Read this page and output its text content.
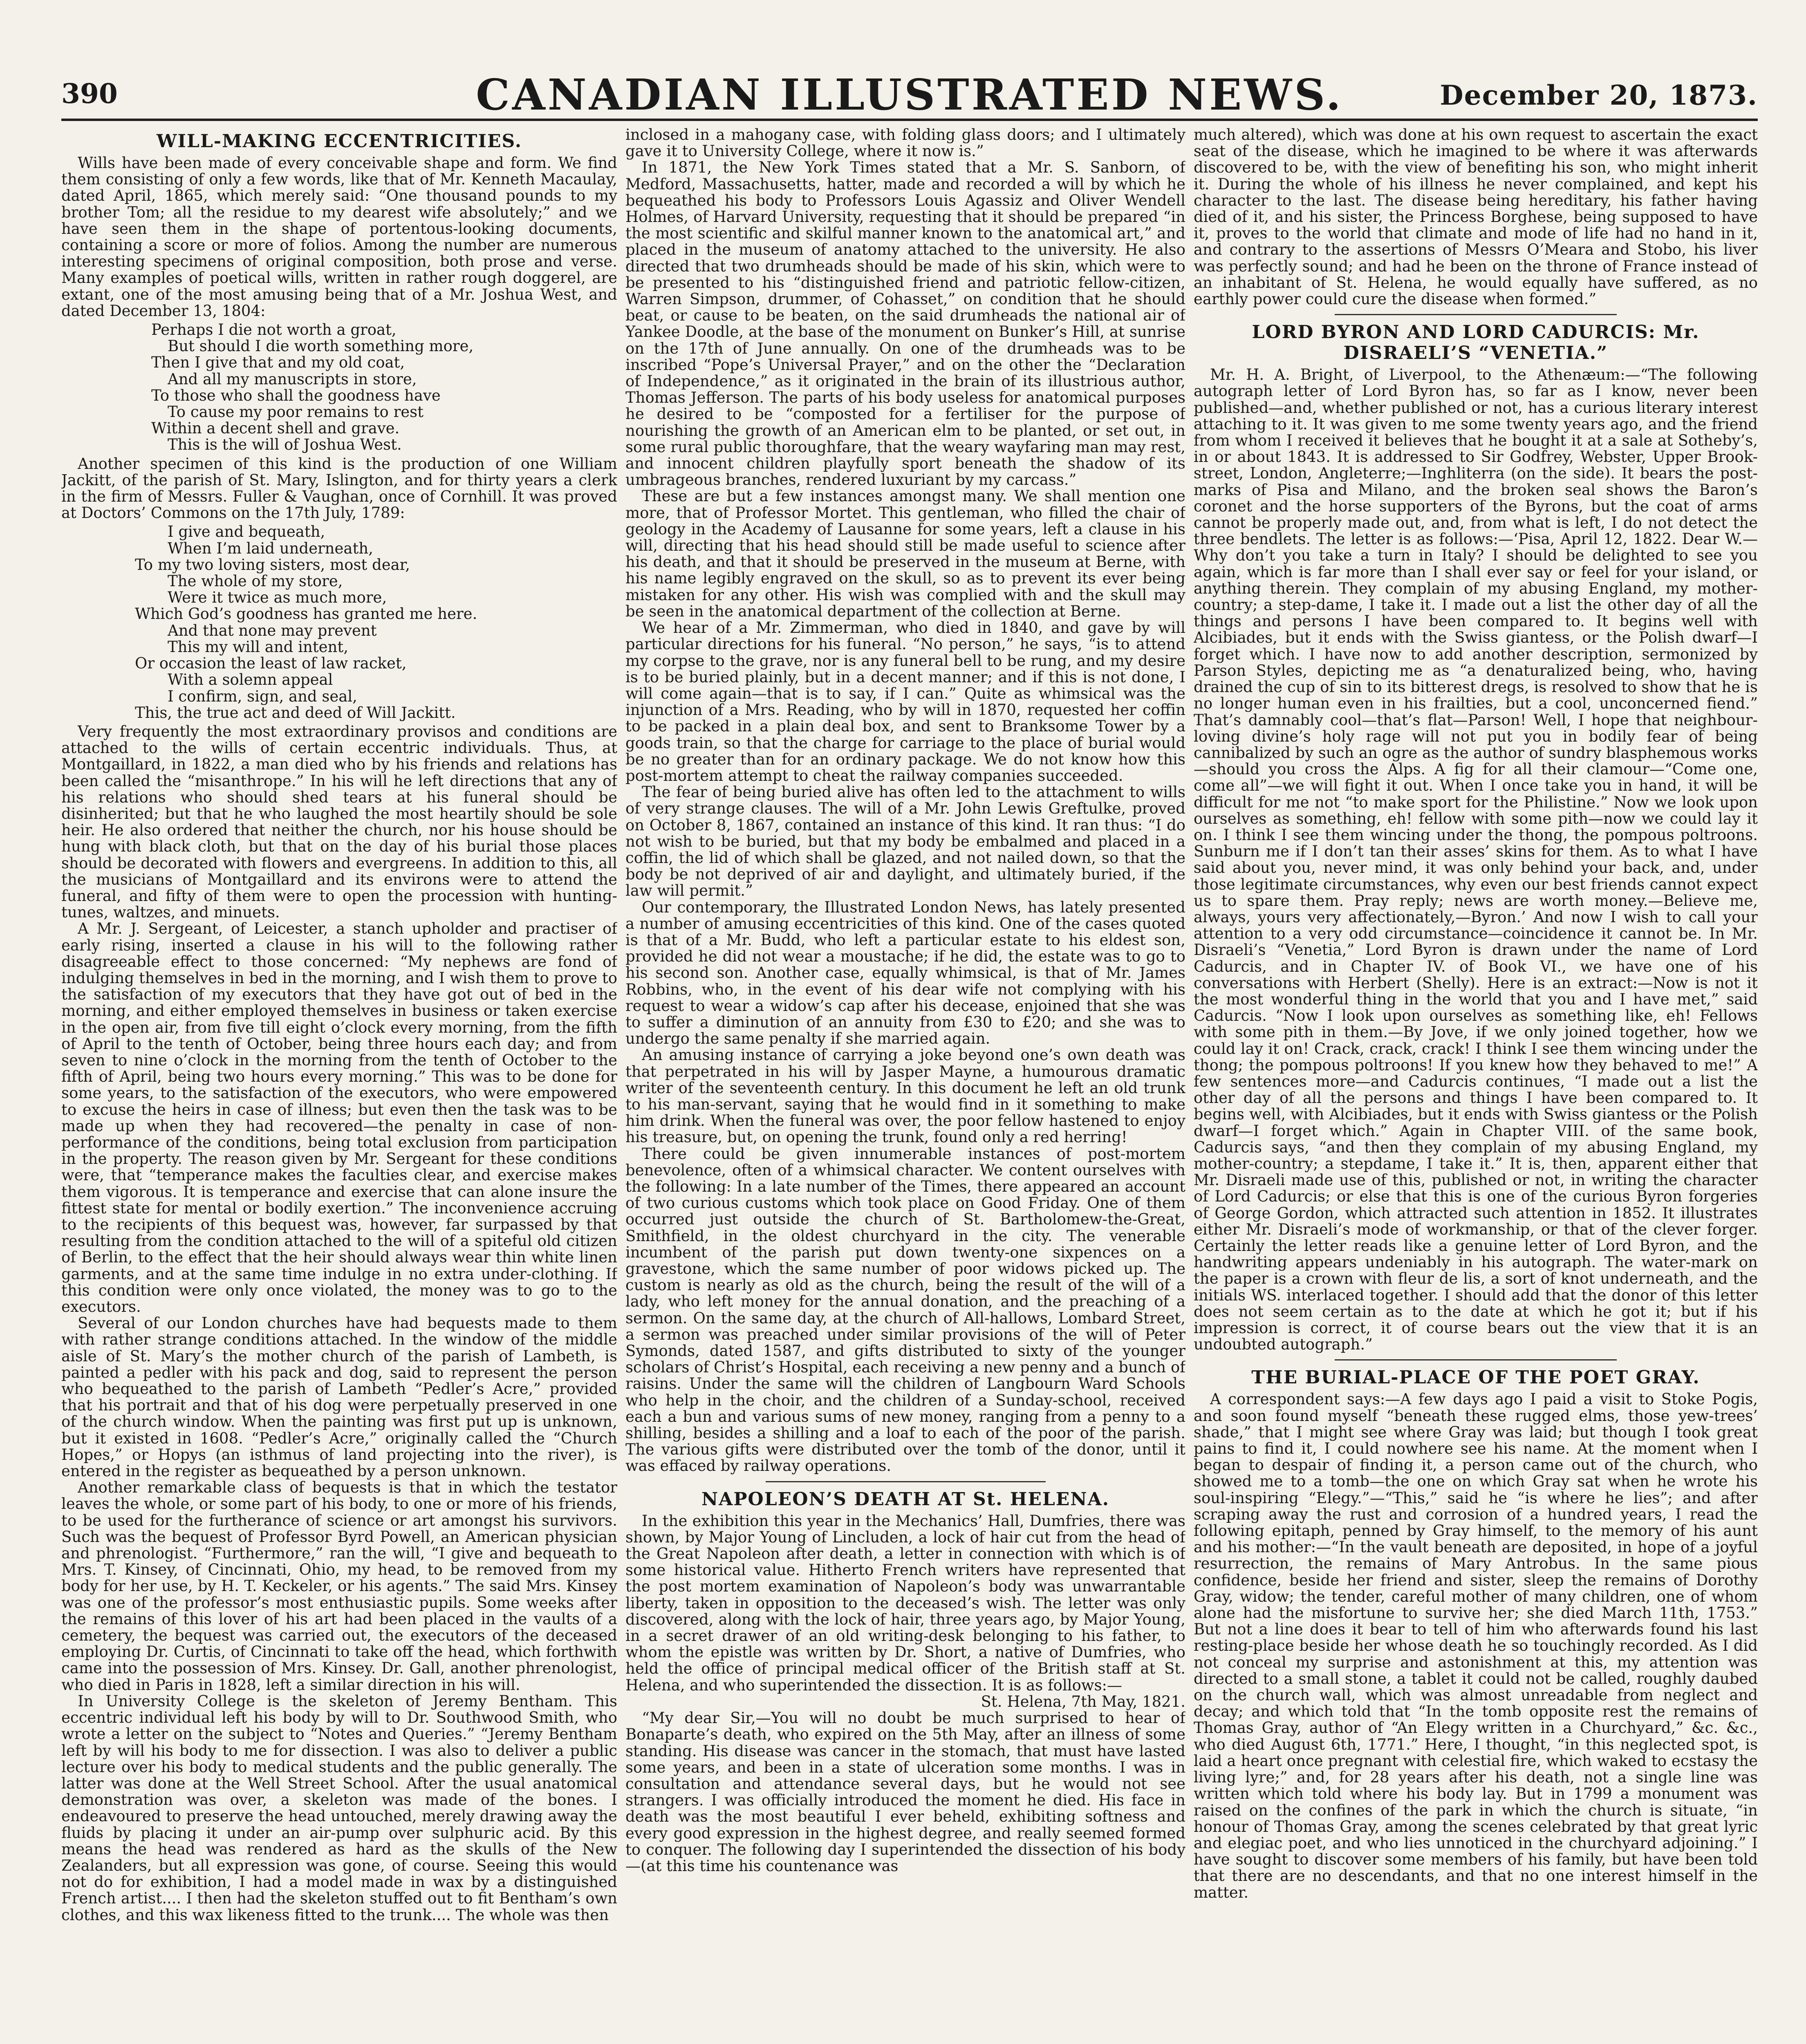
390	CANADIAN ILLUSTRATED NEWS.	December 20, 1873.
WILL-MAKING ECCENTRICITIES.

Wills have been made of every conceivable shape and form. We find them consisting of only a few words, like that of Mr. Kenneth Macaulay, dated April, 1865, which merely said: “One thousand pounds to my brother Tom; all the residue to my dearest wife absolutely;” and we have seen them in the shape of portentous-looking documents, containing a score or more of folios. Among the number are numerous interesting specimens of original composition, both prose and verse. Many examples of poetical wills, written in rather rough doggerel, are extant, one of the most amusing being that of a Mr. Joshua West, and dated December 13, 1804:

Perhaps I die not worth a groat,
But should I die worth something more,
Then I give that and my old coat,
And all my manuscripts in store,
To those who shall the goodness have
To cause my poor remains to rest
Within a decent shell and grave.
This is the will of Joshua West.

Another specimen of this kind is the production of one William Jackitt, of the parish of St. Mary, Islington, and for thirty years a clerk in the firm of Messrs. Fuller & Vaughan, once of Cornhill. It was proved at Doctors’ Commons on the 17th July, 1789:

I give and bequeath,
When I’m laid underneath,
To my two loving sisters, most dear,
The whole of my store,
Were it twice as much more,
Which God’s goodness has granted me here.
And that none may prevent
This my will and intent,
Or occasion the least of law racket,
With a solemn appeal
I confirm, sign, and seal,
This, the true act and deed of Will Jackitt.

Very frequently the most extraordinary provisos and conditions are attached to the wills of certain eccentric individuals. Thus, at Montgaillard, in 1822, a man died who by his friends and relations has been called the “misanthrope.” In his will he left directions that any of his relations who should shed tears at his funeral should be disinherited; but that he who laughed the most heartily should be sole heir. He also ordered that neither the church, nor his house should be hung with black cloth, but that on the day of his burial those places should be decorated with flowers and evergreens. In addition to this, all the musicians of Montgaillard and its environs were to attend the funeral, and fifty of them were to open the procession with hunting-tunes, waltzes, and minuets.

A Mr. J. Sergeant, of Leicester, a stanch upholder and practiser of early rising, inserted a clause in his will to the following rather disagreeable effect to those concerned: “My nephews are fond of indulging themselves in bed in the morning, and I wish them to prove to the satisfaction of my executors that they have got out of bed in the morning, and either employed themselves in business or taken exercise in the open air, from five till eight o’clock every morning, from the fifth of April to the tenth of October, being three hours each day; and from seven to nine o’clock in the morning from the tenth of October to the fifth of April, being two hours every morning.” This was to be done for some years, to the satisfaction of the executors, who were empowered to excuse the heirs in case of illness; but even then the task was to be made up when they had recovered—the penalty in case of non-performance of the conditions, being total exclusion from participation in the property. The reason given by Mr. Sergeant for these conditions were, that “temperance makes the faculties clear, and exercise makes them vigorous. It is temperance and exercise that can alone insure the fittest state for mental or bodily exertion.” The inconvenience accruing to the recipients of this bequest was, however, far surpassed by that resulting from the condition attached to the will of a spiteful old citizen of Berlin, to the effect that the heir should always wear thin white linen garments, and at the same time indulge in no extra under-clothing. If this condition were only once violated, the money was to go to the executors.

Several of our London churches have had bequests made to them with rather strange conditions attached. In the window of the middle aisle of St. Mary’s the mother church of the parish of Lambeth, is painted a pedler with his pack and dog, said to represent the person who bequeathed to the parish of Lambeth “Pedler’s Acre,” provided that his portrait and that of his dog were perpetually preserved in one of the church window. When the painting was first put up is unknown, but it existed in 1608. “Pedler’s Acre,” originally called the “Church Hopes,” or Hopys (an isthmus of land projecting into the river), is entered in the register as bequeathed by a person unknown.

Another remarkable class of bequests is that in which the testator leaves the whole, or some part of his body, to one or more of his friends, to be used for the furtherance of science or art amongst his survivors. Such was the bequest of Professor Byrd Powell, an American physician and phrenologist. “Furthermore,” ran the will, “I give and bequeath to Mrs. T. Kinsey, of Cincinnati, Ohio, my head, to be removed from my body for her use, by H. T. Keckeler, or his agents.” The said Mrs. Kinsey was one of the professor’s most enthusiastic pupils. Some weeks after the remains of this lover of his art had been placed in the vaults of a cemetery, the bequest was carried out, the executors of the deceased employing Dr. Curtis, of Cincinnati to take off the head, which forthwith came into the possession of Mrs. Kinsey. Dr. Gall, another phrenologist, who died in Paris in 1828, left a similar direction in his will.

In University College is the skeleton of Jeremy Bentham. This eccentric individual left his body by will to Dr. Southwood Smith, who wrote a letter on the subject to “Notes and Queries.” “Jeremy Bentham left by will his body to me for dissection. I was also to deliver a public lecture over his body to medical students and the public generally. The latter was done at the Well Street School. After the usual anatomical demonstration was over, a skeleton was made of the bones. I endeavoured to preserve the head untouched, merely drawing away the fluids by placing it under an air-pump over sulphuric acid. By this means the head was rendered as hard as the skulls of the New Zealanders, but all expression was gone, of course. Seeing this would not do for exhibition, I had a model made in wax by a distinguished French artist.... I then had the skeleton stuffed out to fit Bentham’s own clothes, and this wax likeness fitted to the trunk.... The whole was then

inclosed in a mahogany case, with folding glass doors; and I ultimately gave it to University College, where it now is.”

In 1871, the New York Times stated that a Mr. S. Sanborn, of Medford, Massachusetts, hatter, made and recorded a will by which he bequeathed his body to Professors Louis Agassiz and Oliver Wendell Holmes, of Harvard University, requesting that it should be prepared “in the most scientific and skilful manner known to the anatomical art,” and placed in the museum of anatomy attached to the university. He also directed that two drumheads should be made of his skin, which were to be presented to his “distinguished friend and patriotic fellow-citizen, Warren Simpson, drummer, of Cohasset,” on condition that he should beat, or cause to be beaten, on the said drumheads the national air of Yankee Doodle, at the base of the monument on Bunker’s Hill, at sunrise on the 17th of June annually. On one of the drumheads was to be inscribed “Pope’s Universal Prayer,” and on the other the “Declaration of Independence,” as it originated in the brain of its illustrious author, Thomas Jefferson. The parts of his body useless for anatomical purposes he desired to be “composted for a fertiliser for the purpose of nourishing the growth of an American elm to be planted, or set out, in some rural public thoroughfare, that the weary wayfaring man may rest, and innocent children playfully sport beneath the shadow of its umbrageous branches, rendered luxuriant by my carcass.”

These are but a few instances amongst many. We shall mention one more, that of Professor Mortet. This gentleman, who filled the chair of geology in the Academy of Lausanne for some years, left a clause in his will, directing that his head should still be made useful to science after his death, and that it should be preserved in the museum at Berne, with his name legibly engraved on the skull, so as to prevent its ever being mistaken for any other. His wish was complied with and the skull may be seen in the anatomical department of the collection at Berne.

We hear of a Mr. Zimmerman, who died in 1840, and gave by will particular directions for his funeral. “No person,” he says, “is to attend my corpse to the grave, nor is any funeral bell to be rung, and my desire is to be buried plainly, but in a decent manner; and if this is not done, I will come again—that is to say, if I can.” Quite as whimsical was the injunction of a Mrs. Reading, who by will in 1870, requested her coffin to be packed in a plain deal box, and sent to Branksome Tower by a goods train, so that the charge for carriage to the place of burial would be no greater than for an ordinary package. We do not know how this post-mortem attempt to cheat the railway companies succeeded.

The fear of being buried alive has often led to the attachment to wills of very strange clauses. The will of a Mr. John Lewis Greftulke, proved on October 8, 1867, contained an instance of this kind. It ran thus: “I do not wish to be buried, but that my body be embalmed and placed in a coffin, the lid of which shall be glazed, and not nailed down, so that the body be not deprived of air and daylight, and ultimately buried, if the law will permit.”

Our contemporary, the Illustrated London News, has lately presented a number of amusing eccentricities of this kind. One of the cases quoted is that of a Mr. Budd, who left a particular estate to his eldest son, provided he did not wear a moustache; if he did, the estate was to go to his second son. Another case, equally whimsical, is that of Mr. James Robbins, who, in the event of his dear wife not complying with his request to wear a widow’s cap after his decease, enjoined that she was to suffer a diminution of an annuity from £30 to £20; and she was to undergo the same penalty if she married again.

An amusing instance of carrying a joke beyond one’s own death was that perpetrated in his will by Jasper Mayne, a humourous dramatic writer of the seventeenth century. In this document he left an old trunk to his man-servant, saying that he would find in it something to make him drink. When the funeral was over, the poor fellow hastened to enjoy his treasure, but, on opening the trunk, found only a red herring!

There could be given innumerable instances of post-mortem benevolence, often of a whimsical character. We content ourselves with the following: In a late number of the Times, there appeared an account of two curious customs which took place on Good Friday. One of them occurred just outside the church of St. Bartholomew-the-Great, Smithfield, in the oldest churchyard in the city. The venerable incumbent of the parish put down twenty-one sixpences on a gravestone, which the same number of poor widows picked up. The custom is nearly as old as the church, being the result of the will of a lady, who left money for the annual donation, and the preaching of a sermon. On the same day, at the church of All-hallows, Lombard Street, a sermon was preached under similar provisions of the will of Peter Symonds, dated 1587, and gifts distributed to sixty of the younger scholars of Christ’s Hospital, each receiving a new penny and a bunch of raisins. Under the same will the children of Langbourn Ward Schools who help in the choir, and the children of a Sunday-school, received each a bun and various sums of new money, ranging from a penny to a shilling, besides a shilling and a loaf to each of the poor of the parish. The various gifts were distributed over the tomb of the donor, until it was effaced by railway operations.

NAPOLEON’S DEATH AT St. HELENA.

In the exhibition this year in the Mechanics’ Hall, Dumfries, there was shown, by Major Young of Lincluden, a lock of hair cut from the head of the Great Napoleon after death, a letter in connection with which is of some historical value. Hitherto French writers have represented that the post mortem examination of Napoleon’s body was unwarrantable liberty, taken in opposition to the deceased’s wish. The letter was only discovered, along with the lock of hair, three years ago, by Major Young, in a secret drawer of an old writing-desk belonging to his father, to whom the epistle was written by Dr. Short, a native of Dumfries, who held the office of principal medical officer of the British staff at St. Helena, and who superintended the dissection. It is as follows:—

St. Helena, 7th May, 1821.

“My dear Sir,—You will no doubt be much surprised to hear of Bonaparte’s death, who expired on the 5th May, after an illness of some standing. His disease was cancer in the stomach, that must have lasted some years, and been in a state of ulceration some months. I was in consultation and attendance several days, but he would not see strangers. I was officially introduced the moment he died. His face in death was the most beautiful I ever beheld, exhibiting softness and every good expression in the highest degree, and really seemed formed to conquer. The following day I superintended the dissection of his body—(at this time his countenance was

much altered), which was done at his own request to ascertain the exact seat of the disease, which he imagined to be where it was afterwards discovered to be, with the view of benefiting his son, who might inherit it. During the whole of his illness he never complained, and kept his character to the last. The disease being hereditary, his father having died of it, and his sister, the Princess Borghese, being supposed to have it, proves to the world that climate and mode of life had no hand in it, and contrary to the assertions of Messrs O’Meara and Stobo, his liver was perfectly sound; and had he been on the throne of France instead of an inhabitant of St. Helena, he would equally have suffered, as no earthly power could cure the disease when formed.”

LORD BYRON AND LORD CADURCIS: Mr. DISRAELI’S “VENETIA.”

Mr. H. A. Bright, of Liverpool, to the Athenæum:—“The following autograph letter of Lord Byron has, so far as I know, never been published—and, whether published or not, has a curious literary interest attaching to it. It was given to me some twenty years ago, and the friend from whom I received it believes that he bought it at a sale at Sotheby’s, in or about 1843. It is addressed to Sir Godfrey, Webster, Upper Brook-street, London, Angleterre;—Inghliterra (on the side). It bears the post-marks of Pisa and Milano, and the broken seal shows the Baron’s coronet and the horse supporters of the Byrons, but the coat of arms cannot be properly made out, and, from what is left, I do not detect the three bendlets. The letter is as follows:—‘Pisa, April 12, 1822. Dear W.—Why don’t you take a turn in Italy? I should be delighted to see you again, which is far more than I shall ever say or feel for your island, or anything therein. They complain of my abusing England, my mother-country; a step-dame, I take it. I made out a list the other day of all the things and persons I have been compared to. It begins well with Alcibiades, but it ends with the Swiss giantess, or the Polish dwarf—I forget which. I have now to add another description, sermonized by Parson Styles, depicting me as “a denaturalized being, who, having drained the cup of sin to its bitterest dregs, is resolved to show that he is no longer human even in his frailties, but a cool, unconcerned fiend.” That’s damnably cool—that’s flat—Parson! Well, I hope that neighbour-loving divine’s holy rage will not put you in bodily fear of being cannibalized by such an ogre as the author of sundry blasphemous works—should you cross the Alps. A fig for all their clamour—“Come one, come all”—we will fight it out. When I once take you in hand, it will be difficult for me not “to make sport for the Philistine.” Now we look upon ourselves as something, eh! fellow with some pith—now we could lay it on. I think I see them wincing under the thong, the pompous poltroons. Sunburn me if I don’t tan their asses’ skins for them. As to what I have said about you, never mind, it was only behind your back, and, under those legitimate circumstances, why even our best friends cannot expect us to spare them. Pray reply; news are worth money.—Believe me, always, yours very affectionately,—Byron.’ And now I wish to call your attention to a very odd circumstance—coincidence it cannot be. In Mr. Disraeli’s “Venetia,” Lord Byron is drawn under the name of Lord Cadurcis, and in Chapter IV. of Book VI., we have one of his conversations with Herbert (Shelly). Here is an extract:—Now is not it the most wonderful thing in the world that you and I have met,” said Cadurcis. “Now I look upon ourselves as something like, eh! Fellows with some pith in them.—By Jove, if we only joined together, how we could lay it on! Crack, crack, crack! I think I see them wincing under the thong; the pompous poltroons! If you knew how they behaved to me!” A few sentences more—and Cadurcis continues, “I made out a list the other day of all the persons and things I have been compared to. It begins well, with Alcibiades, but it ends with Swiss giantess or the Polish dwarf—I forget which.” Again in Chapter VIII. of the same book, Cadurcis says, “and then they complain of my abusing England, my mother-country; a stepdame, I take it.” It is, then, apparent either that Mr. Disraeli made use of this, published or not, in writing the character of Lord Cadurcis; or else that this is one of the curious Byron forgeries of George Gordon, which attracted such attention in 1852. It illustrates either Mr. Disraeli’s mode of workmanship, or that of the clever forger. Certainly the letter reads like a genuine letter of Lord Byron, and the handwriting appears undeniably in his autograph. The water-mark on the paper is a crown with fleur de lis, a sort of knot underneath, and the initials WS. interlaced together. I should add that the donor of this letter does not seem certain as to the date at which he got it; but if his impression is correct, it of course bears out the view that it is an undoubted autograph.”

THE BURIAL-PLACE OF THE POET GRAY.

A correspondent says:—A few days ago I paid a visit to Stoke Pogis, and soon found myself “beneath these rugged elms, those yew-trees’ shade,” that I might see where Gray was laid; but though I took great pains to find it, I could nowhere see his name. At the moment when I began to despair of finding it, a person came out of the church, who showed me to a tomb—the one on which Gray sat when he wrote his soul-inspiring “Elegy.”—“This,” said he “is where he lies”; and after scraping away the rust and corrosion of a hundred years, I read the following epitaph, penned by Gray himself, to the memory of his aunt and his mother:—“In the vault beneath are deposited, in hope of a joyful resurrection, the remains of Mary Antrobus. In the same pious confidence, beside her friend and sister, sleep the remains of Dorothy Gray, widow; the tender, careful mother of many children, one of whom alone had the misfortune to survive her; she died March 11th, 1753.” But not a line does it bear to tell of him who afterwards found his last resting-place beside her whose death he so touchingly recorded. As I did not conceal my surprise and astonishment at this, my attention was directed to a small stone, a tablet it could not be called, roughly daubed on the church wall, which was almost unreadable from neglect and decay; and which told that “In the tomb opposite rest the remains of Thomas Gray, author of “An Elegy written in a Churchyard,” &c. &c., who died August 6th, 1771.” Here, I thought, “in this neglected spot, is laid a heart once pregnant with celestial fire, which waked to ecstasy the living lyre;” and, for 28 years after his death, not a single line was written which told where his body lay. But in 1799 a monument was raised on the confines of the park in which the church is situate, “in honour of Thomas Gray, among the scenes celebrated by that great lyric and elegiac poet, and who lies unnoticed in the churchyard adjoining.” I have sought to discover some members of his family, but have been told that there are no descendants, and that no one interest himself in the matter.
